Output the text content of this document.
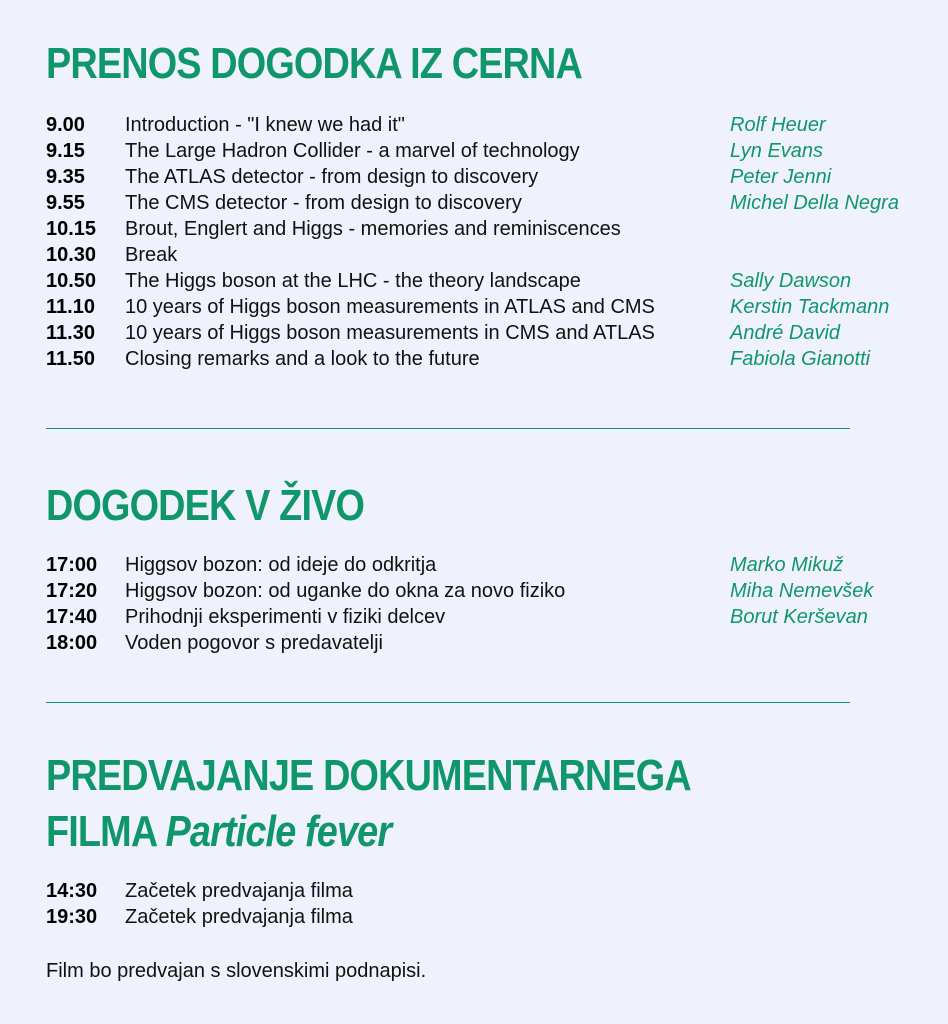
PRENOS DOGODKA IZ CERNA
9.00 Introduction - "I knew we had it"	Rolf Heuer
9.15 The Large Hadron Collider - a marvel of technology	Lyn Evans
9.35 The ATLAS detector - from design to discovery	Peter Jenni
9.55 The CMS detector - from design to discovery	Michel Della Negra
10.15 Brout, Englert and Higgs - memories and reminiscences
10.30 Break
10.50 The Higgs boson at the LHC - the theory landscape	Sally Dawson
11.10 10 years of Higgs boson measurements in ATLAS and CMS	Kerstin Tackmann
11.30 10 years of Higgs boson measurements in CMS and ATLAS	André David
11.50 Closing remarks and a look to the future	Fabiola Gianotti
DOGODEK V ŽIVO
17:00 Higgsov bozon: od ideje do odkritja	Marko Mikuž
17:20 Higgsov bozon: od uganke do okna za novo fiziko	Miha Nemevšek
17:40 Prihodnji eksperimenti v fiziki delcev	Borut Kerševan
18:00 Voden pogovor s predavatelji
PREDVAJANJE DOKUMENTARNEGA
FILMA Particle fever
14:30 Začetek predvajanja filma
19:30 Začetek predvajanja filma
Film bo predvajan s slovenskimi podnapisi.
